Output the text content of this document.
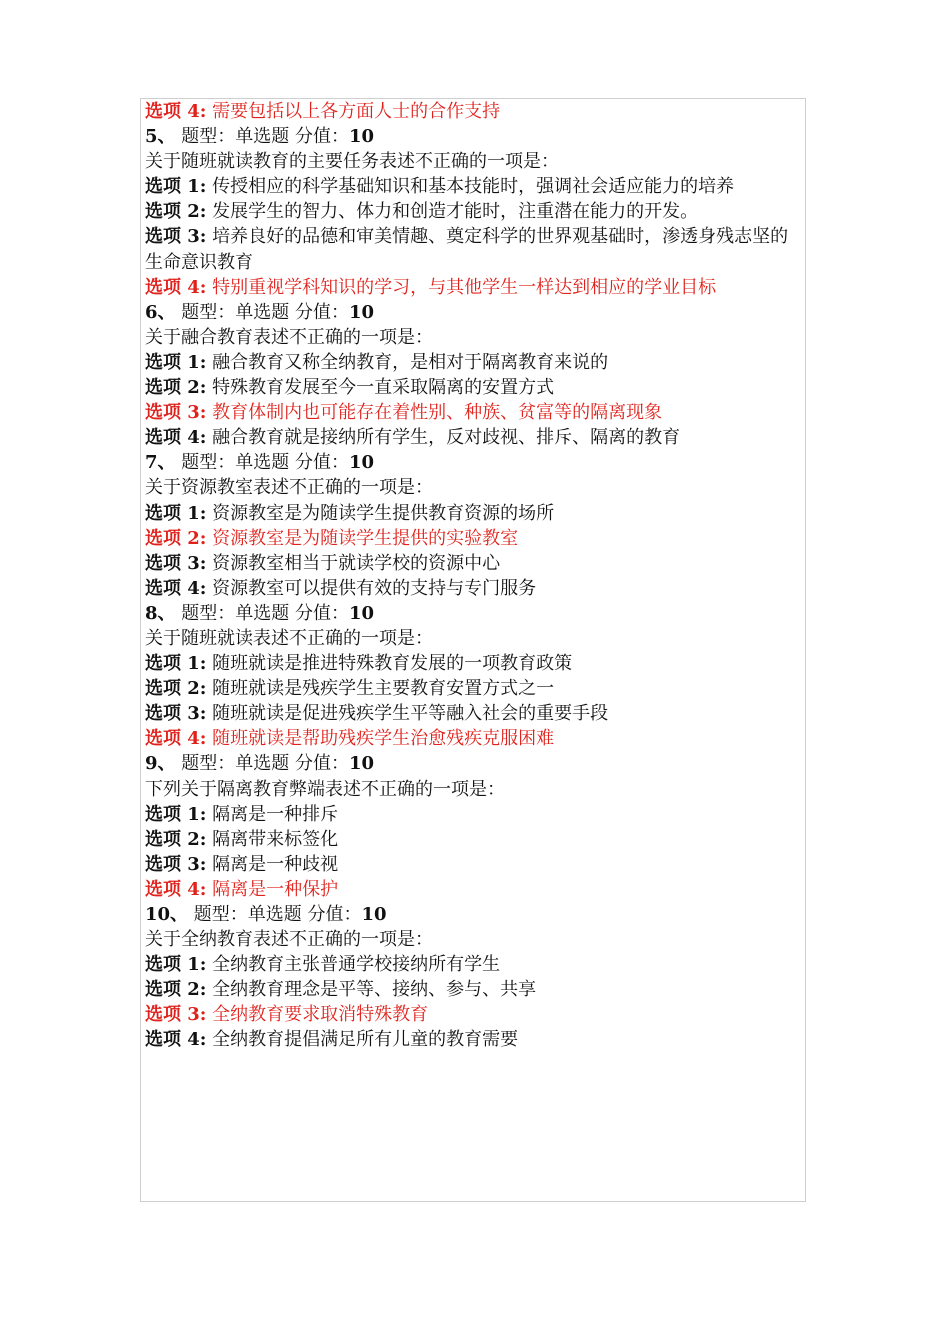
选项 4: 需要包括以上各方面人士的合作支持
5、 题型：单选题 分值：10
关于随班就读教育的主要任务表述不正确的一项是：
选项 1: 传授相应的科学基础知识和基本技能时，强调社会适应能力的培养
选项 2: 发展学生的智力、体力和创造才能时，注重潜在能力的开发。
选项 3: 培养良好的品德和审美情趣、奠定科学的世界观基础时，渗透身残志坚的生命意识教育
选项 4: 特别重视学科知识的学习，与其他学生一样达到相应的学业目标
6、 题型：单选题 分值：10
关于融合教育表述不正确的一项是：
选项 1: 融合教育又称全纳教育，是相对于隔离教育来说的
选项 2: 特殊教育发展至今一直采取隔离的安置方式
选项 3: 教育体制内也可能存在着性别、种族、贫富等的隔离现象
选项 4: 融合教育就是接纳所有学生，反对歧视、排斥、隔离的教育
7、 题型：单选题 分值：10
关于资源教室表述不正确的一项是：
选项 1: 资源教室是为随读学生提供教育资源的场所
选项 2: 资源教室是为随读学生提供的实验教室
选项 3: 资源教室相当于就读学校的资源中心
选项 4: 资源教室可以提供有效的支持与专门服务
8、 题型：单选题 分值：10
关于随班就读表述不正确的一项是：
选项 1: 随班就读是推进特殊教育发展的一项教育政策
选项 2: 随班就读是残疾学生主要教育安置方式之一
选项 3: 随班就读是促进残疾学生平等融入社会的重要手段
选项 4: 随班就读是帮助残疾学生治愈残疾克服困难
9、 题型：单选题 分值：10
下列关于隔离教育弊端表述不正确的一项是：
选项 1: 隔离是一种排斥
选项 2: 隔离带来标签化
选项 3: 隔离是一种歧视
选项 4: 隔离是一种保护
10、 题型：单选题 分值：10
关于全纳教育表述不正确的一项是：
选项 1: 全纳教育主张普通学校接纳所有学生
选项 2: 全纳教育理念是平等、接纳、参与、共享
选项 3: 全纳教育要求取消特殊教育
选项 4: 全纳教育提倡满足所有儿童的教育需要
